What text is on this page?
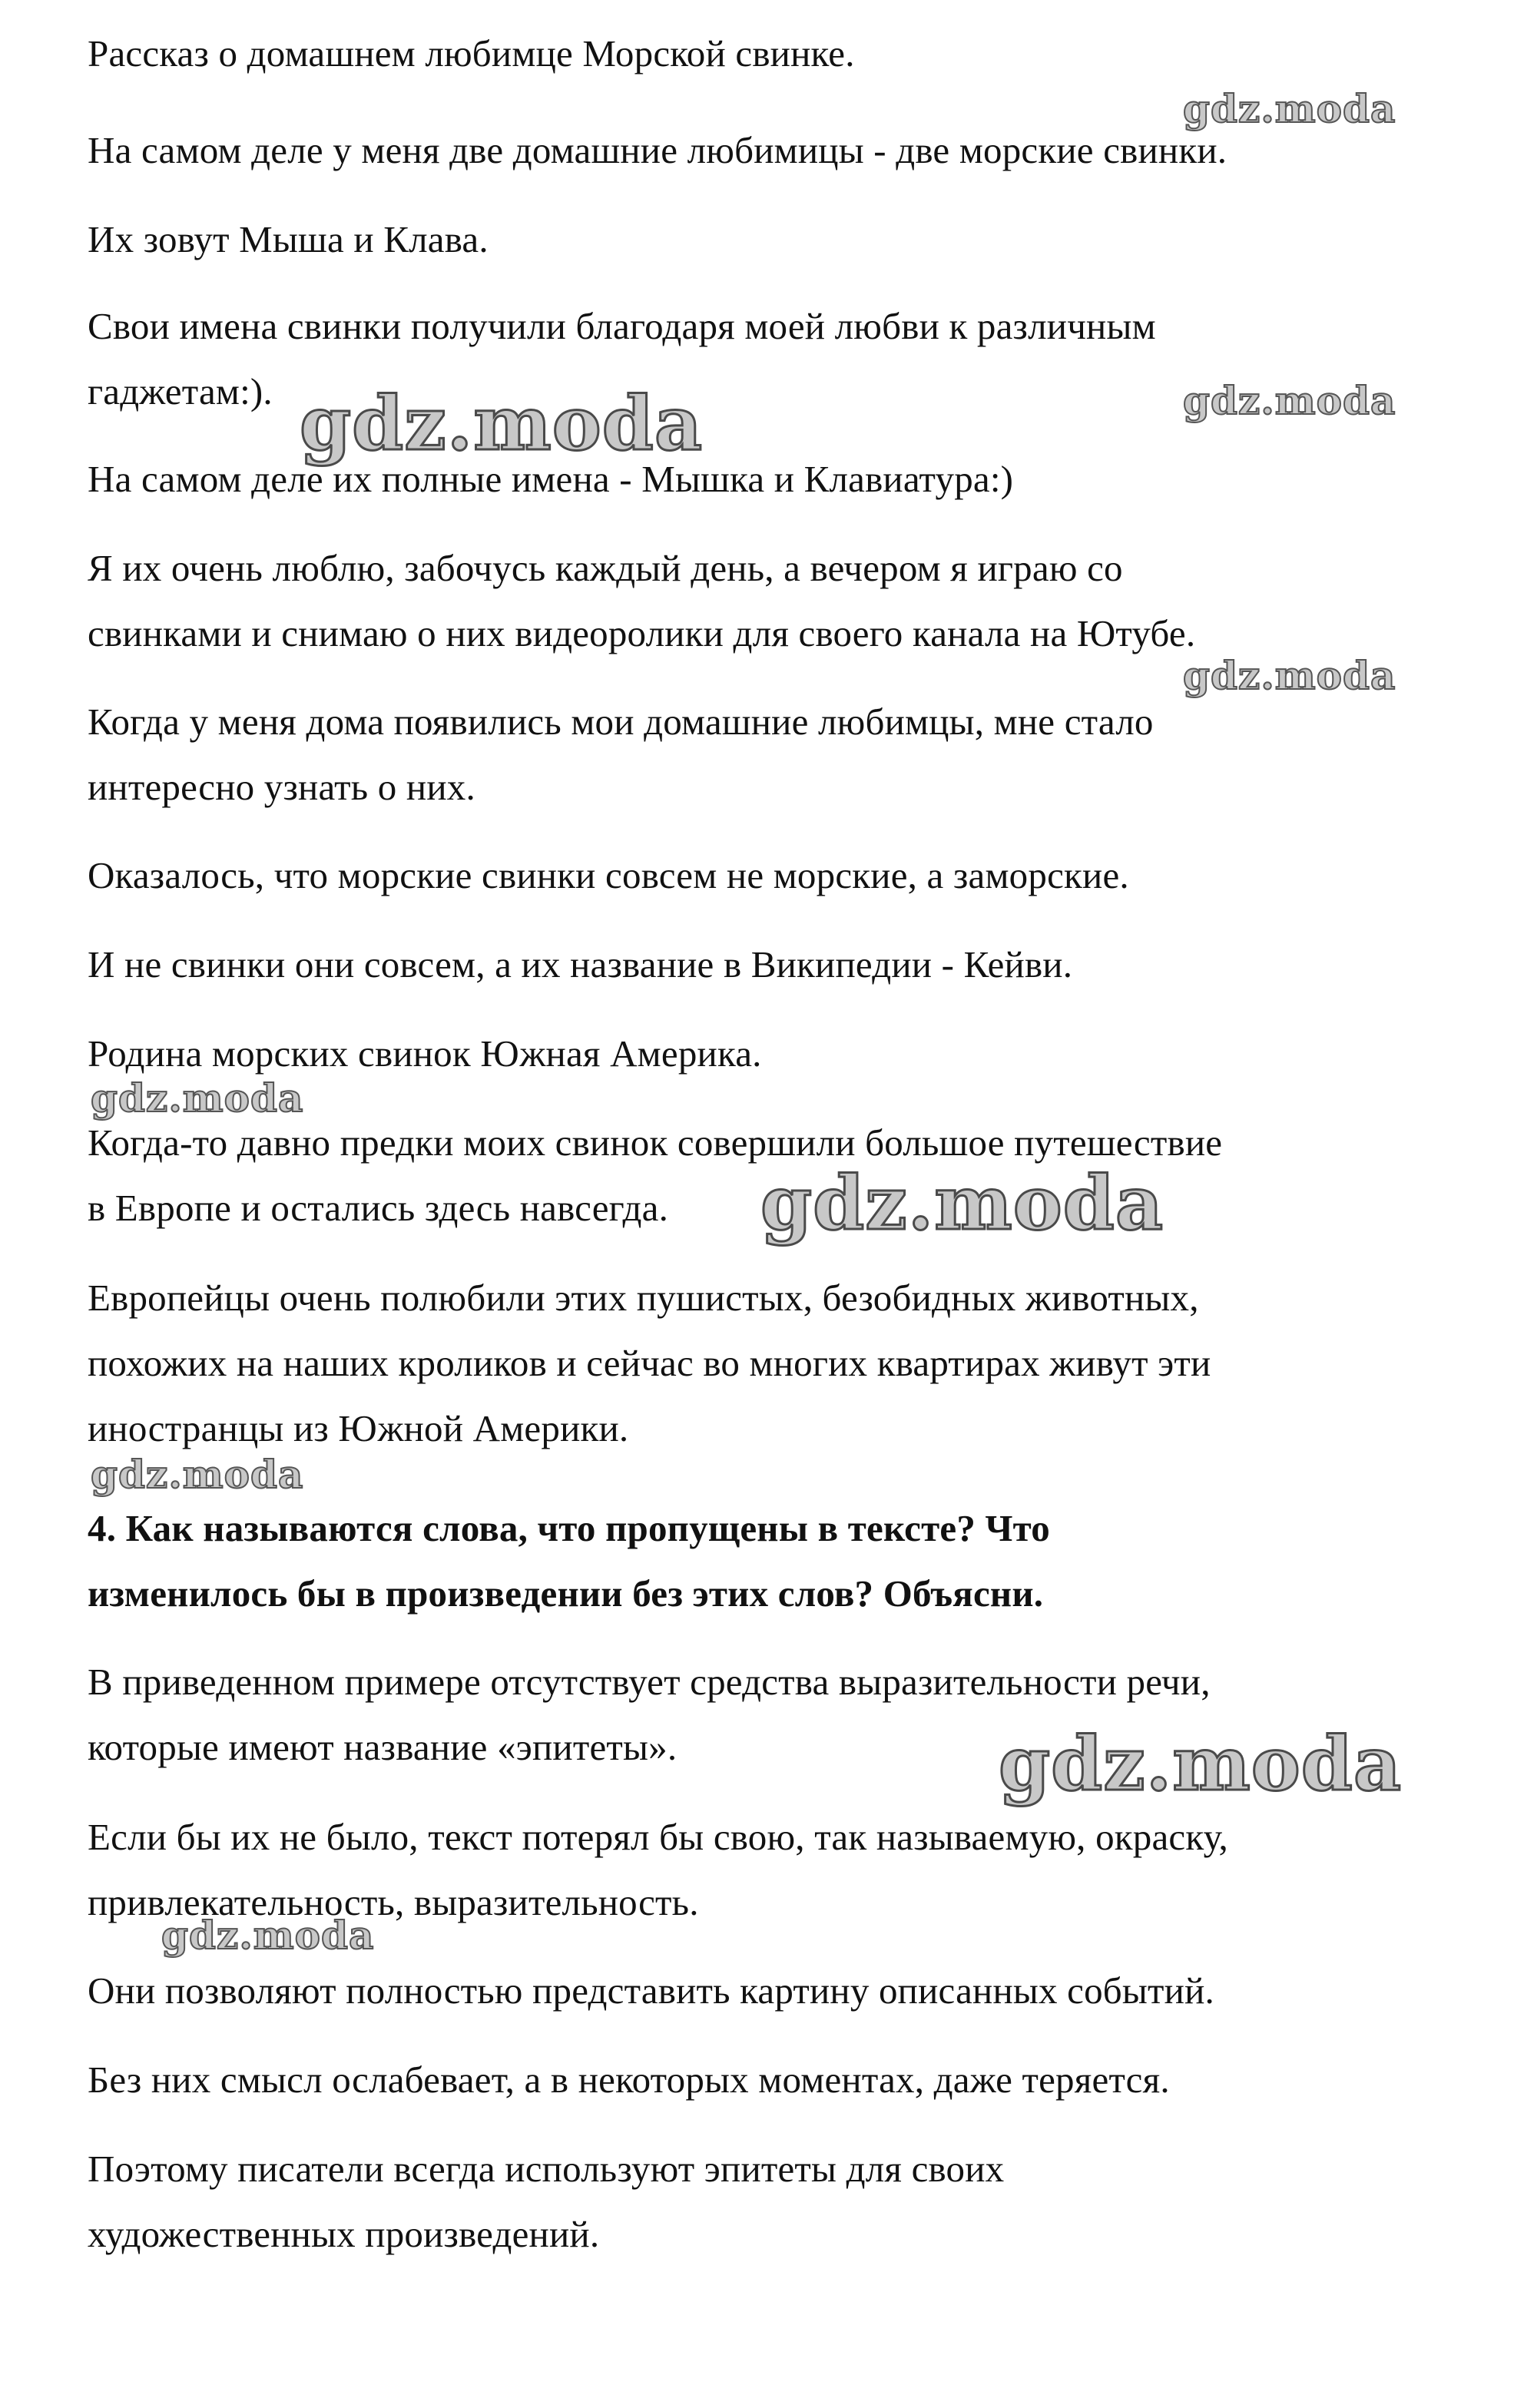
Рассказ о домашнем любимце Морской свинке.
На самом деле у меня две домашние любимицы - две морские свинки.
Их зовут Мыша и Клава.
Свои имена свинки получили благодаря моей любви к различным
гаджетам:).
На самом деле их полные имена - Мышка и Клавиатура:)
Я их очень люблю, забочусь каждый день, а вечером я играю со
свинками и снимаю о них видеоролики для своего канала на Ютубе.
Когда у меня дома появились мои домашние любимцы, мне стало
интересно узнать о них.
Оказалось, что морские свинки совсем не морские, а заморские.
И не свинки они совсем, а их название в Википедии - Кейви.
Родина морских свинок Южная Америка.
Когда-то давно предки моих свинок совершили большое путешествие
в Европе и остались здесь навсегда.
Европейцы очень полюбили этих пушистых, безобидных животных,
похожих на наших кроликов и сейчас во многих квартирах живут эти
иностранцы из Южной Америки.
4. Как называются слова, что пропущены в тексте? Что
изменилось бы в произведении без этих слов? Объясни.
В приведенном примере отсутствует средства выразительности речи,
которые имеют название «эпитеты».
Если бы их не было, текст потерял бы свою, так называемую, окраску,
привлекательность, выразительность.
Они позволяют полностью представить картину описанных событий.
Без них смысл ослабевает, а в некоторых моментах, даже теряется.
Поэтому писатели всегда используют эпитеты для своих
художественных произведений.
gdz.moda
gdz.moda	gdz.moda
gdz.moda
gdz.moda
gdz.moda
gdz.moda
gdz.moda
gdz.moda
